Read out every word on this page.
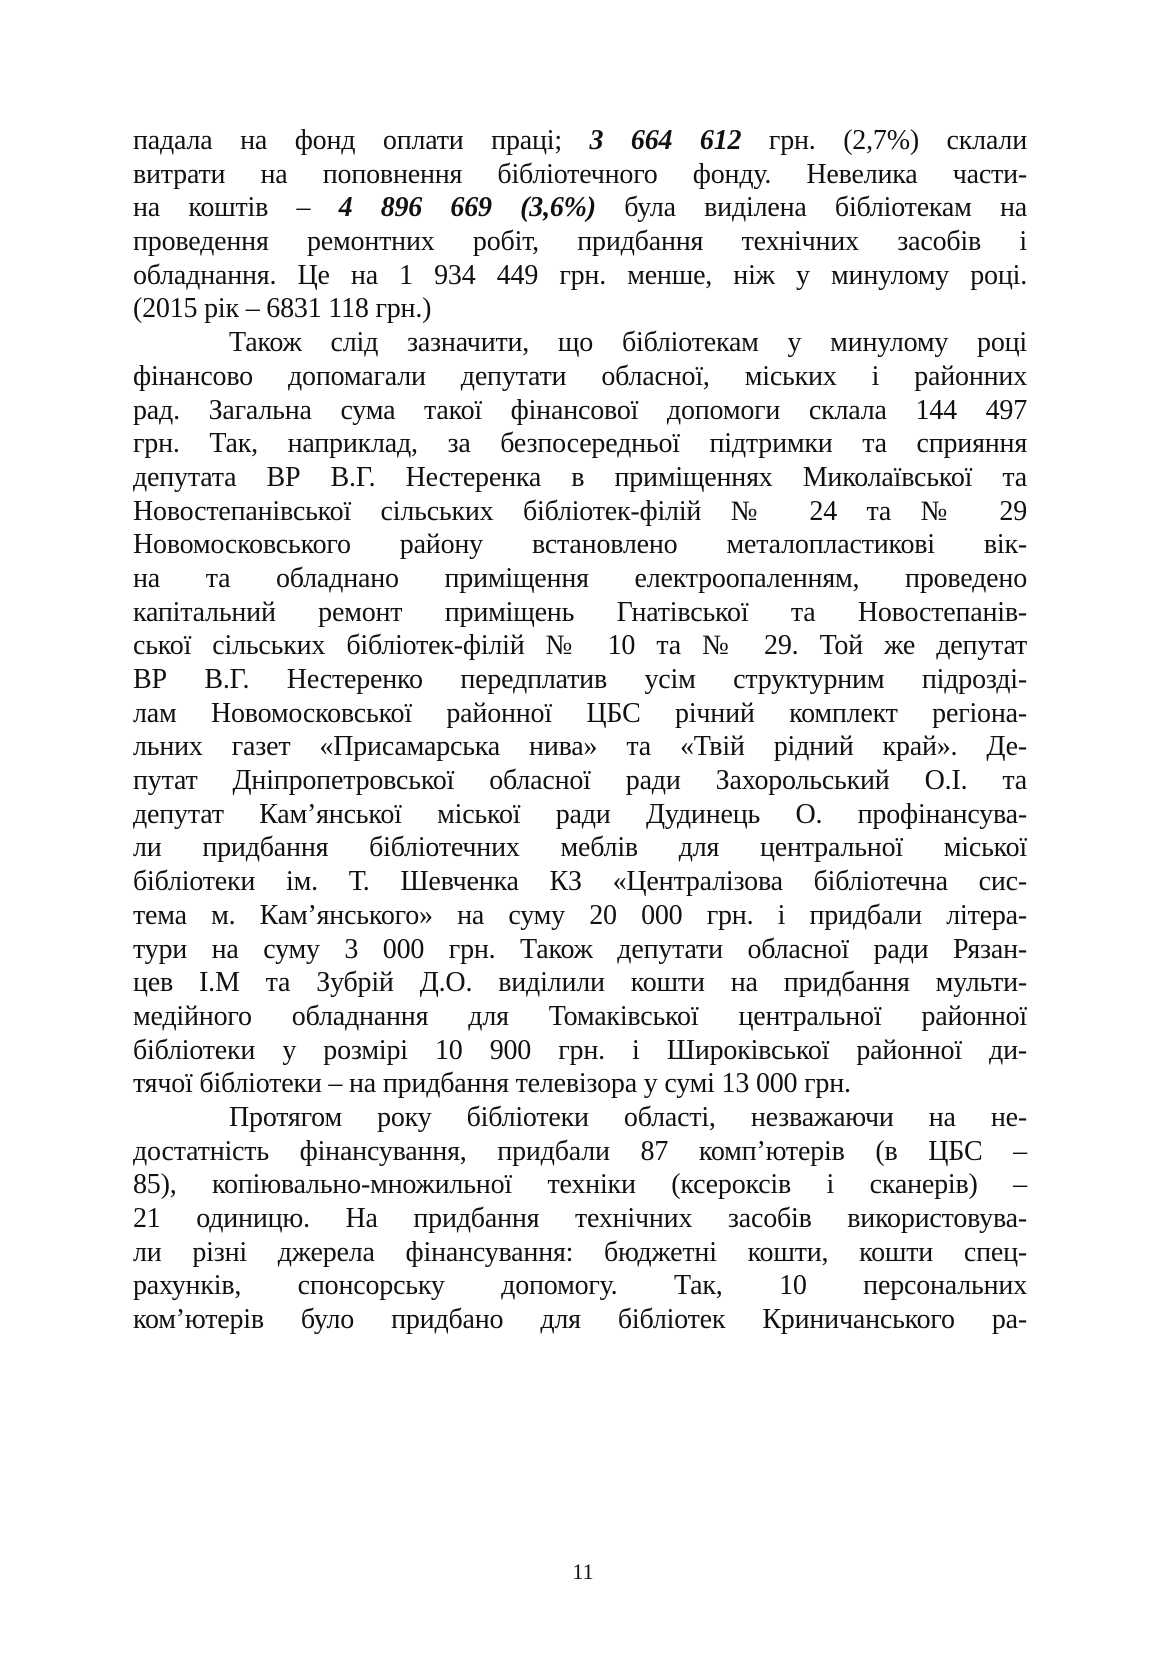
падала на фонд оплати праці; 3 664 612 грн. (2,7%) склали
витрати на поповнення бібліотечного фонду. Невелика части-
на коштів – 4 896 669 (3,6%) була виділена бібліотекам на
проведення ремонтних робіт, придбання технічних засобів і
обладнання. Це на 1 934 449 грн. менше, ніж у минулому році.
(2015 рік – 6831 118 грн.)
Також слід зазначити, що бібліотекам у минулому році
фінансово допомагали депутати обласної, міських і районних
рад. Загальна сума такої фінансової допомоги склала 144 497
грн. Так, наприклад, за безпосередньої підтримки та сприяння
депутата ВР В.Г. Нестеренка в приміщеннях Миколаївської та
Новостепанівської сільських бібліотек-філій № 24 та № 29
Новомосковського району встановлено металопластикові вік-
на та обладнано приміщення електроопаленням, проведено
капітальний ремонт приміщень Гнатівської та Новостепанів-
ської сільських бібліотек-філій № 10 та № 29. Той же депутат
ВР В.Г. Нестеренко передплатив усім структурним підрозді-
лам Новомосковської районної ЦБС річний комплект регіона-
льних газет «Присамарська нива» та «Твій рідний край». Де-
путат Дніпропетровської обласної ради Захорольський О.І. та
депутат Кам’янської міської ради Дудинець О. профінансува-
ли придбання бібліотечних меблів для центральної міської
бібліотеки ім. Т. Шевченка КЗ «Централізова бібліотечна сис-
тема м. Кам’янського» на суму 20 000 грн. і придбали літера-
тури на суму 3 000 грн. Також депутати обласної ради Рязан-
цев І.М та Зубрій Д.О. виділили кошти на придбання мульти-
медійного обладнання для Томаківської центральної районної
бібліотеки у розмірі 10 900 грн. і Широківської районної ди-
тячої бібліотеки – на придбання телевізора у сумі 13 000 грн.
Протягом року бібліотеки області, незважаючи на не-
достатність фінансування, придбали 87 комп’ютерів (в ЦБС –
85), копіювально-множильної техніки (ксероксів і сканерів) –
21 одиницю. На придбання технічних засобів використовува-
ли різні джерела фінансування: бюджетні кошти, кошти спец-
рахунків, спонсорську допомогу. Так, 10 персональних
ком’ютерів було придбано для бібліотек Криничанського ра-
11
